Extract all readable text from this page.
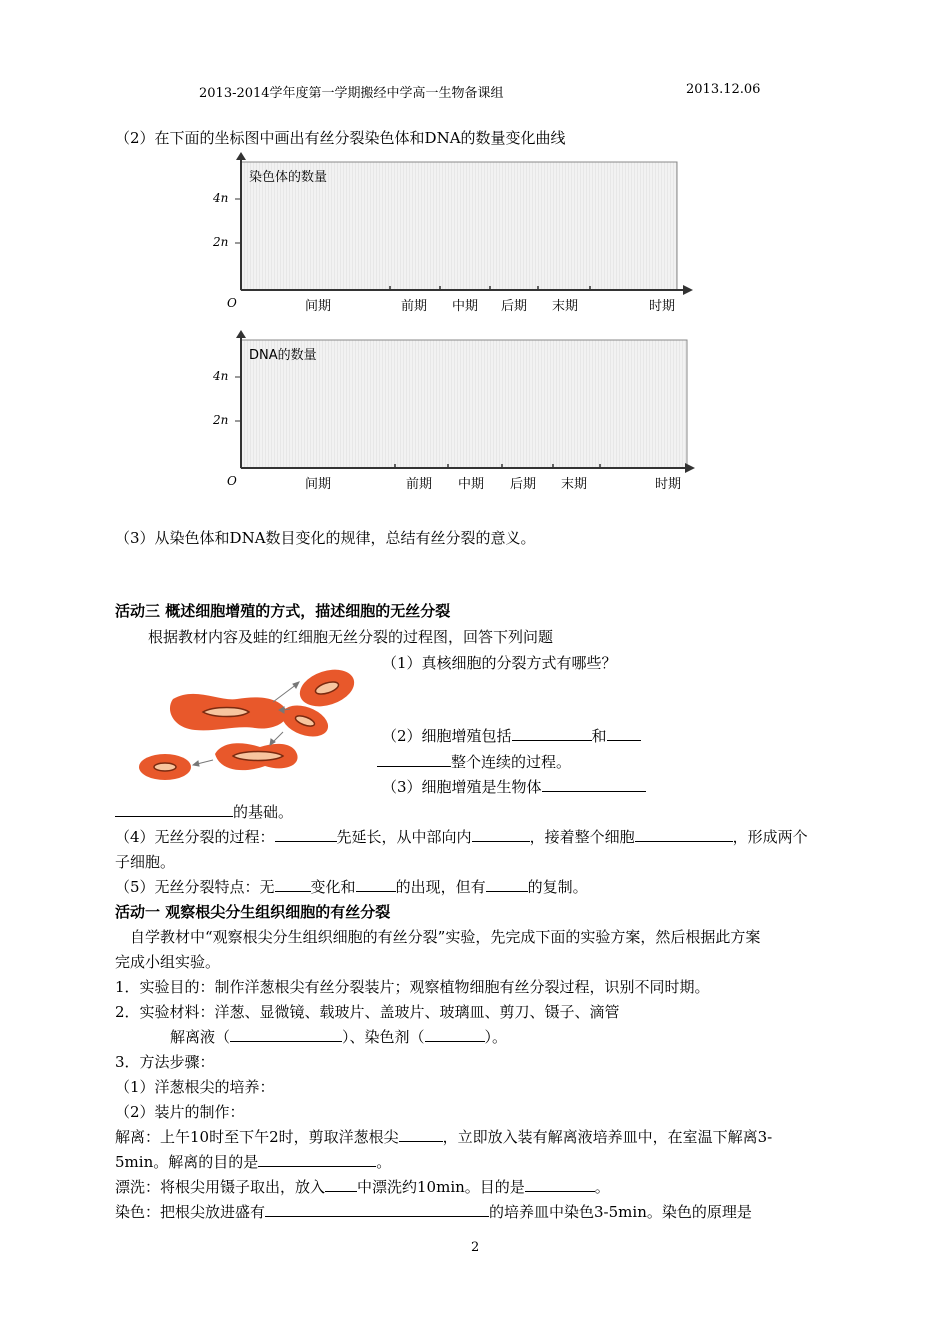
2013-2014学年度第一学期搬经中学高一生物备课组	2013.12.06
（2）在下面的坐标图中画出有丝分裂染色体和DNA的数量变化曲线
染色体的数量
4n
2n
O	间期	前期 中期 后期 末期	时期
DNA的数量
4n
2n
O	间期	前期 中期 后期 末期	时期
（3）从染色体和DNA数目变化的规律，总结有丝分裂的意义。
活动三 概述细胞增殖的方式，描述细胞的无丝分裂
根据教材内容及蛙的红细胞无丝分裂的过程图，回答下列问题
（1）真核细胞的分裂方式有哪些？
（2）细胞增殖包括	和
整个连续的过程。
（3）细胞增殖是生物体
的基础。
（4）无丝分裂的过程：	先延长，从中部向内	，接着整个细胞	，形成两个
子细胞。
（5）无丝分裂特点：无 变化和	的出现，但有	的复制。
活动一 观察根尖分生组织细胞的有丝分裂
自学教材中“观察根尖分生组织细胞的有丝分裂”实验，先完成下面的实验方案，然后根据此方案
完成小组实验。
1．实验目的：制作洋葱根尖有丝分裂装片；观察植物细胞有丝分裂过程，识别不同时期。
2．实验材料：洋葱、显微镜、载玻片、盖玻片、玻璃皿、剪刀、镊子、滴管
解离液（	）、染色剂（	）。
3．方法步骤：
（1）洋葱根尖的培养：
（2）装片的制作：
解离：上午10时至下午2时，剪取洋葱根尖	，立即放入装有解离液培养皿中，在室温下解离3-
5min。解离的目的是	。
漂洗：将根尖用镊子取出，放入 中漂洗约10min。目的是	。
染色：把根尖放进盛有	的培养皿中染色3-5min。染色的原理是
2
